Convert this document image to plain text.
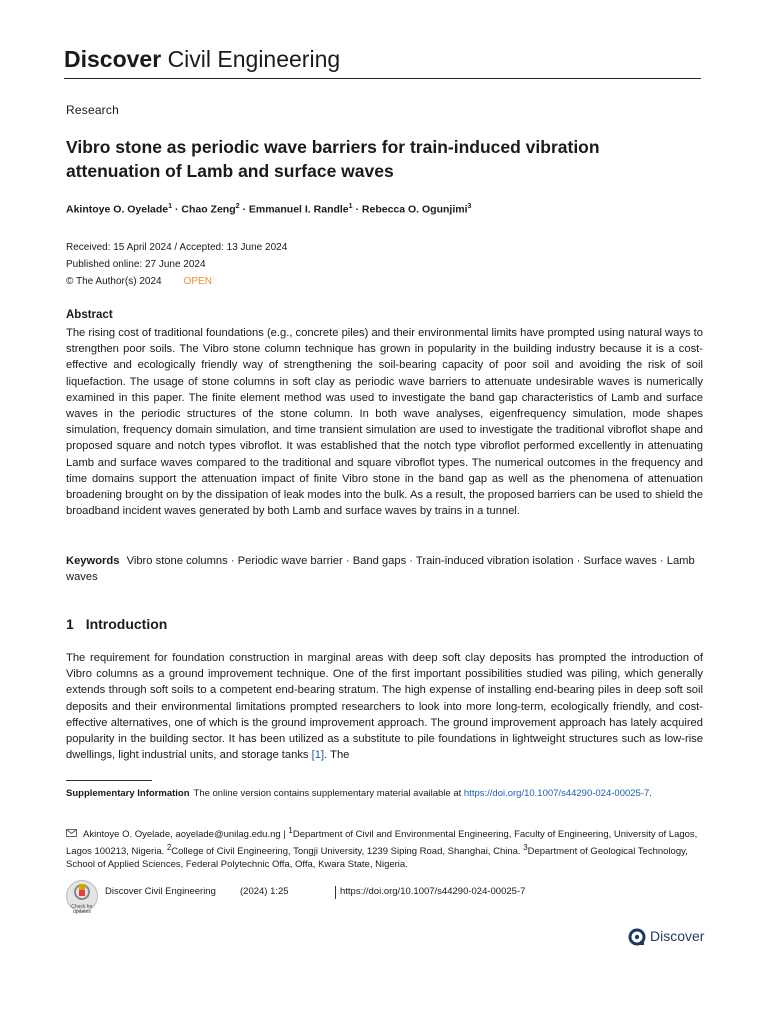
Discover Civil Engineering
Research
Vibro stone as periodic wave barriers for train-induced vibration attenuation of Lamb and surface waves
Akintoye O. Oyelade$^1$ · Chao Zeng$^2$ · Emmanuel I. Randle$^1$ · Rebecca O. Ogunjimi$^3$
Received: 15 April 2024 / Accepted: 13 June 2024
Published online: 27 June 2024
© The Author(s) 2024 OPEN
Abstract

The rising cost of traditional foundations (e.g., concrete piles) and their environmental limits have prompted using natural ways to strengthen poor soils. The Vibro stone column technique has grown in popularity in the building industry because it is a cost-effective and ecologically friendly way of strengthening the soil-bearing capacity of poor soil and avoiding the risk of soil liquefaction. The usage of stone columns in soft clay as periodic wave barriers to attenuate undesirable waves is numerically examined in this paper. The finite element method was used to investigate the band gap characteristics of Lamb and surface waves in the periodic structures of the stone column. In both wave analyses, eigenfrequency simulation, mode shapes simulation, frequency domain simulation, and time transient simulation are used to investigate the traditional vibroflot shape and proposed square and notch types vibroflot. It was established that the notch type vibroflot performed excellently in attenuating Lamb and surface waves compared to the traditional and square vibroflot types. The numerical outcomes in the frequency and time domains support the attenuation impact of finite Vibro stone in the band gap as well as the phenomena of attenuation broadening brought on by the dissipation of leak modes into the bulk. As a result, the proposed barriers can be used to shield the broadband incident waves generated by both Lamb and surface waves by trains in a tunnel.

Keywords Vibro stone columns · Periodic wave barrier · Band gaps · Train-induced vibration isolation · Surface waves · Lamb waves
1 Introduction

The requirement for foundation construction in marginal areas with deep soft clay deposits has prompted the introduction of Vibro columns as a ground improvement technique. One of the first important possibilities studied was piling, which generally extends through soft soils to a competent end-bearing stratum. The high expense of installing end-bearing piles in deep soft soil deposits and their environmental limitations prompted researchers to look into more long-term, ecologically friendly, and cost-effective alternatives, one of which is the ground improvement approach. The ground improvement approach has lately acquired popularity in the building sector. It has been utilized as a substitute to pile foundations in lightweight structures such as low-rise dwellings, light industrial units, and storage tanks [1]. The

Supplementary Information The online version contains supplementary material available at https://doi.org/10.1007/s44290-024-00025-7.
Akintoye O. Oyelade, aoyelade@unilag.edu.ng | $^1$Department of Civil and Environmental Engineering, Faculty of Engineering, University of Lagos, Lagos 100213, Nigeria. $^2$College of Civil Engineering, Tongji University, 1239 Siping Road, Shanghai, China. $^3$Department of Geological Technology, School of Applied Sciences, Federal Polytechnic Offa, Offa, Kwara State, Nigeria.
Check for updates
Discover Civil Engineering	(2024) 1:25	https://doi.org/10.1007/s44290-024-00025-7
Discover
